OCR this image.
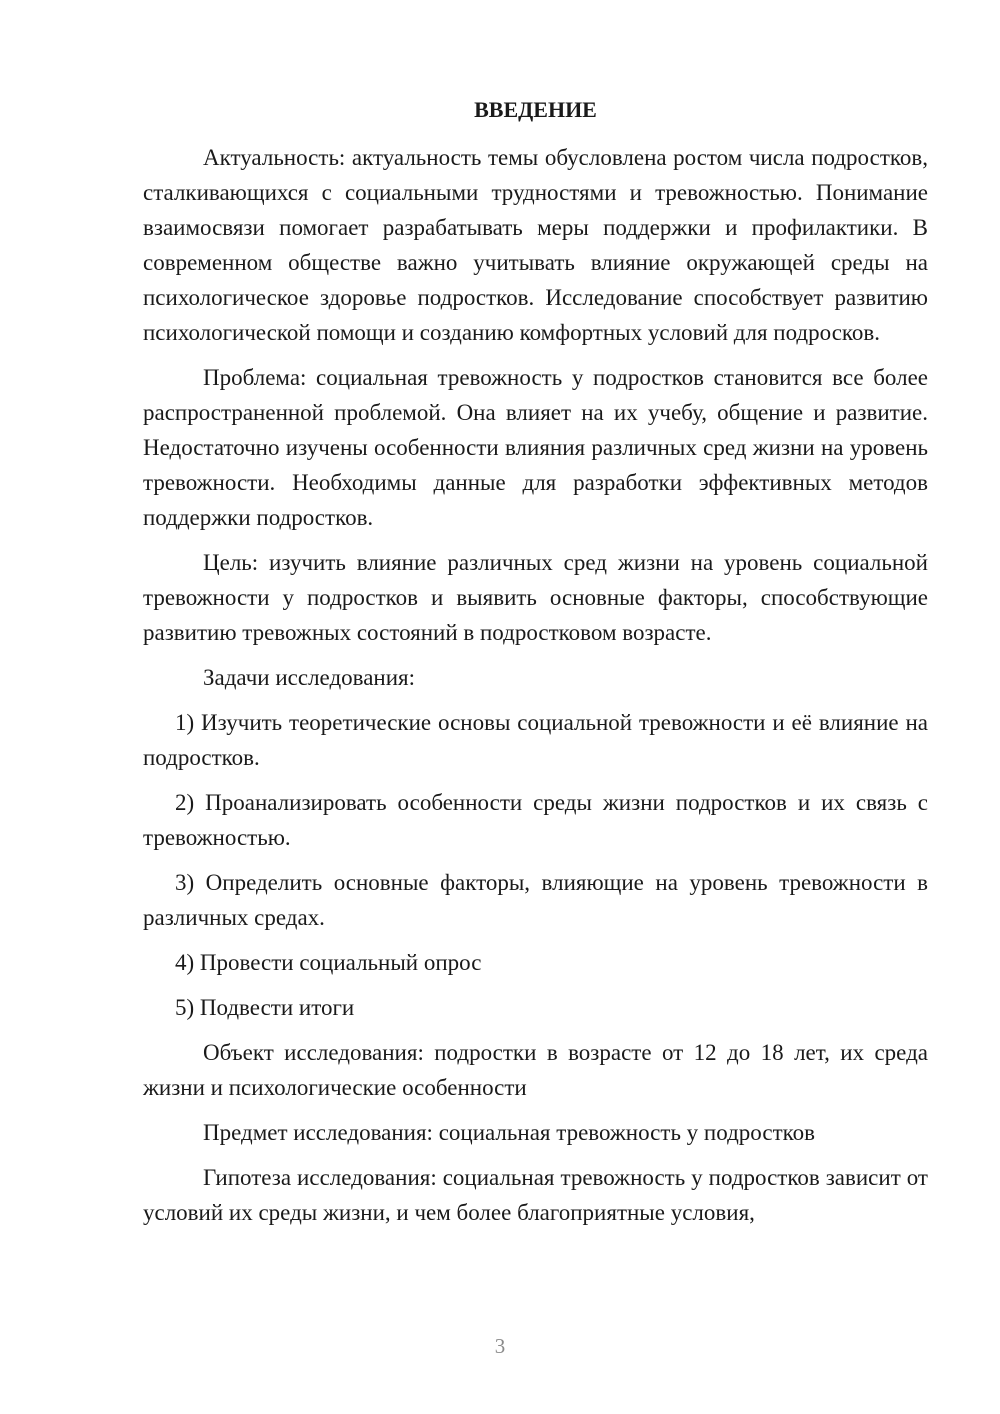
ВВЕДЕНИЕ

Актуальность: актуальность темы обусловлена ростом числа подростков, сталкивающихся с социальными трудностями и тревожностью. Понимание взаимосвязи помогает разрабатывать меры поддержки и профилактики. В современном обществе важно учитывать влияние окружающей среды на психологическое здоровье подростков. Исследование способствует развитию психологической помощи и созданию комфортных условий для подросков.

Проблема: социальная тревожность у подростков становится все более распространенной проблемой. Она влияет на их учебу, общение и развитие. Недостаточно изучены особенности влияния различных сред жизни на уровень тревожности. Необходимы данные для разработки эффективных методов поддержки подростков.

Цель: изучить влияние различных сред жизни на уровень социальной тревожности у подростков и выявить основные факторы, способствующие развитию тревожных состояний в подростковом возрасте.

Задачи исследования:

1) Изучить теоретические основы социальной тревожности и её влияние на подростков.

2) Проанализировать особенности среды жизни подростков и их связь с тревожностью.

3) Определить основные факторы, влияющие на уровень тревожности в различных средах.

4) Провести социальный опрос

5) Подвести итоги

Объект исследования: подростки в возрасте от 12 до 18 лет, их среда жизни и психологические особенности

Предмет исследования: социальная тревожность у подростков

Гипотеза исследования: социальная тревожность у подростков зависит от условий их среды жизни, и чем более благоприятные условия,

3
